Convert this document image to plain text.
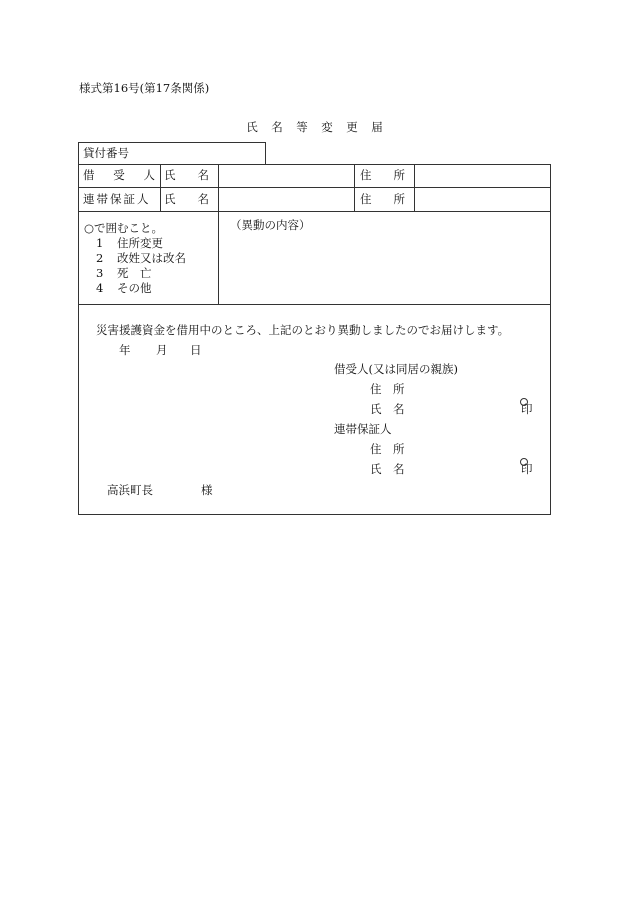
様式第16号(第17条関係)
氏　名　等　変　更　届
貸付番号
借 受 人 氏名	住所
連帯保証人 氏名	住所
○で囲むこと。
1 住所変更
2 改姓又は改名
3 死　亡
4 その他
（異動の内容）
災害援護資金を借用中のところ、上記のとおり異動しましたのでお届けします。
年 月 日
借受人(又は同居の親族)
住　所
氏　名	印
連帯保証人
住　所
氏　名	印
高浜町長	様
